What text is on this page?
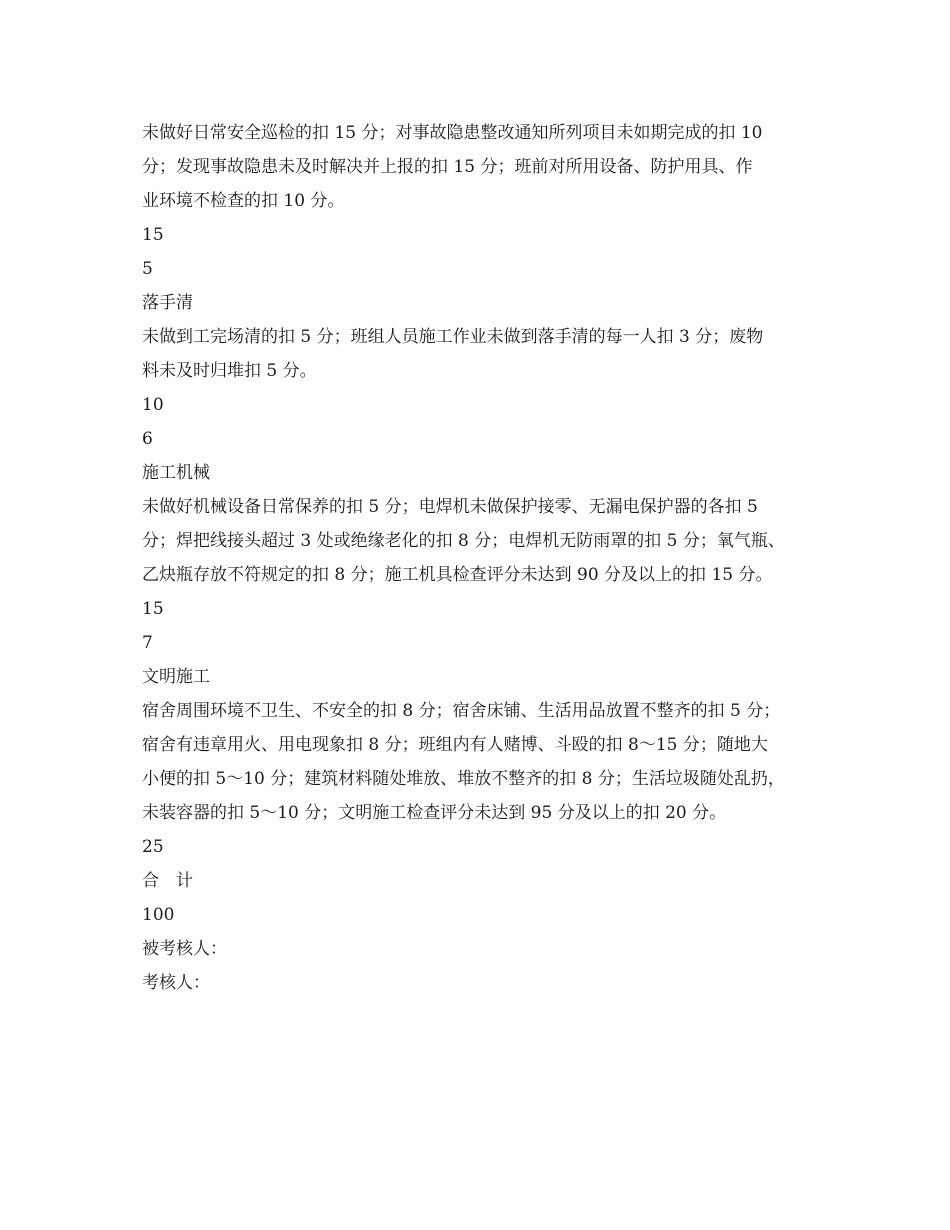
未做好日常安全巡检的扣 15 分；对事故隐患整改通知所列项目未如期完成的扣 10
分；发现事故隐患未及时解决并上报的扣 15 分；班前对所用设备、防护用具、作
业环境不检查的扣 10 分。
15
5
落手清
未做到工完场清的扣 5 分；班组人员施工作业未做到落手清的每一人扣 3 分；废物
料未及时归堆扣 5 分。
10
6
施工机械
未做好机械设备日常保养的扣 5 分；电焊机未做保护接零、无漏电保护器的各扣 5
分；焊把线接头超过 3 处或绝缘老化的扣 8 分；电焊机无防雨罩的扣 5 分；氧气瓶、
乙炔瓶存放不符规定的扣 8 分；施工机具检查评分未达到 90 分及以上的扣 15 分。
15
7
文明施工
宿舍周围环境不卫生、不安全的扣 8 分；宿舍床铺、生活用品放置不整齐的扣 5 分；
宿舍有违章用火、用电现象扣 8 分；班组内有人赌博、斗殴的扣 8～15 分；随地大
小便的扣 5～10 分；建筑材料随处堆放、堆放不整齐的扣 8 分；生活垃圾随处乱扔，
未装容器的扣 5～10 分；文明施工检查评分未达到 95 分及以上的扣 20 分。
25
合　计
100
被考核人：
考核人：
